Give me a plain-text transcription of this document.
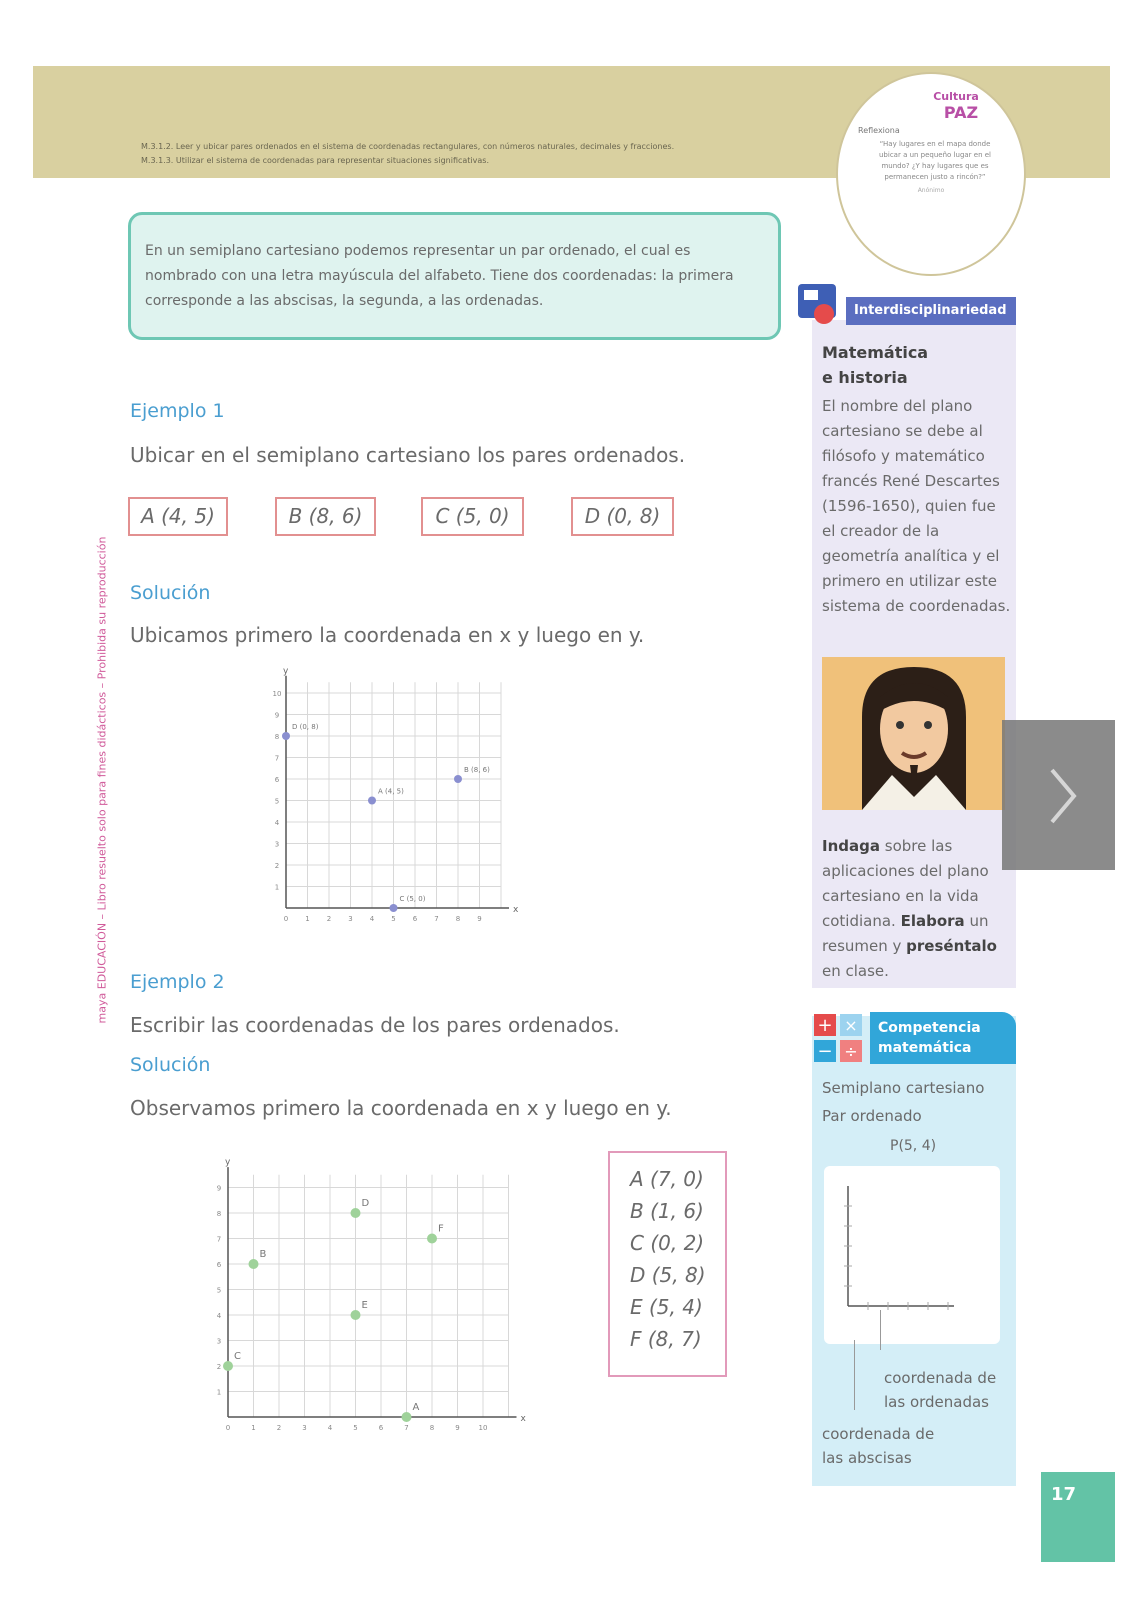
M.3.1.2. Leer y ubicar pares ordenados en el sistema de coordenadas rectangulares, con números naturales, decimales y fracciones.
M.3.1.3. Utilizar el sistema de coordenadas para representar situaciones significativas.
Cultura
PAZ
Reflexiona
“Hay lugares en el mapa donde ubicar a un pequeño lugar en el mundo? ¿Y hay lugares que es permanecen justo a rincón?”
Anónimo
En un semiplano cartesiano podemos representar un par ordenado, el cual es nombrado con una letra mayúscula del alfabeto. Tiene dos coordenadas: la primera corresponde a las abscisas, la segunda, a las ordenadas.
maya EDUCACIÓN – Libro resuelto solo para fines didácticos – Prohibida su reproducción
Ejemplo 1
Ubicar en el semiplano cartesiano los pares ordenados.
A (4, 5)	B (8, 6)	C (5, 0)	D (0, 8)
Solución
Ubicamos primero la coordenada en x y luego en y.
x
y
0 1 2 3 4 5 6 7 8 9
1
2
3
4
5
6
7
8
9
10
A (4, 5)
B (8, 6)
C (5, 0)
D (0, 8)
Ejemplo 2
Escribir las coordenadas de los pares ordenados.
Solución
Observamos primero la coordenada en x y luego en y.
x
y
0	1	2	3	4	5	6	7	8	9	10
1
2
3
4
5
6
7
8
9
A
B
C
D
E
F
A (7, 0)
B (1, 6)
C (0, 2)
D (5, 8)
E (5, 4)
F (8, 7)
Interdisciplinariedad
Matemática e historia
El nombre del plano cartesiano se debe al filósofo y matemático francés René Descartes (1596-1650), quien fue el creador de la geometría analítica y el primero en utilizar este sistema de coordenadas.
Indaga sobre las aplicaciones del plano cartesiano en la vida cotidiana. Elabora un resumen y preséntalo en clase.
+ ×
− ÷
Competencia matemática
Semiplano cartesiano
Par ordenado
P(5, 4)
coordenada de las ordenadas
coordenada de las abscisas
17
